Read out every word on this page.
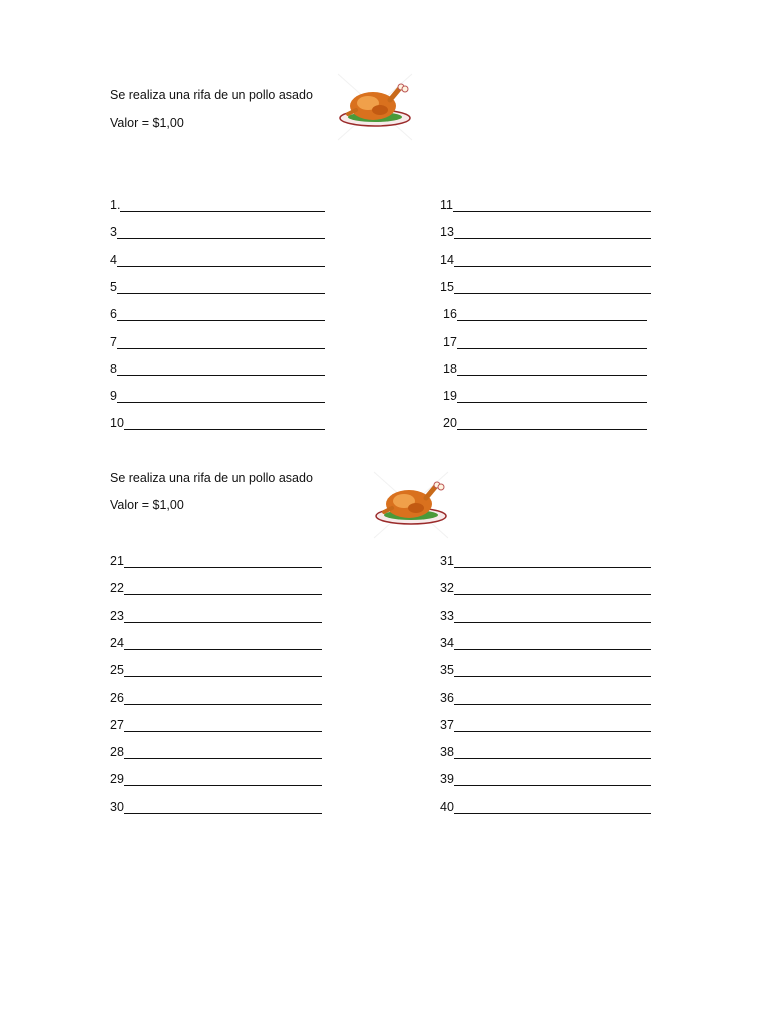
Se realiza una rifa de un pollo asado
Valor = $1,00
1.
3
4
5
6
7
8
9
10
11
13
14
15
16
17
18
19
20
Se realiza una rifa de un pollo asado
Valor = $1,00
21
22
23
24
25
26
27
28
29
30
31
32
33
34
35
36
37
38
39
40
